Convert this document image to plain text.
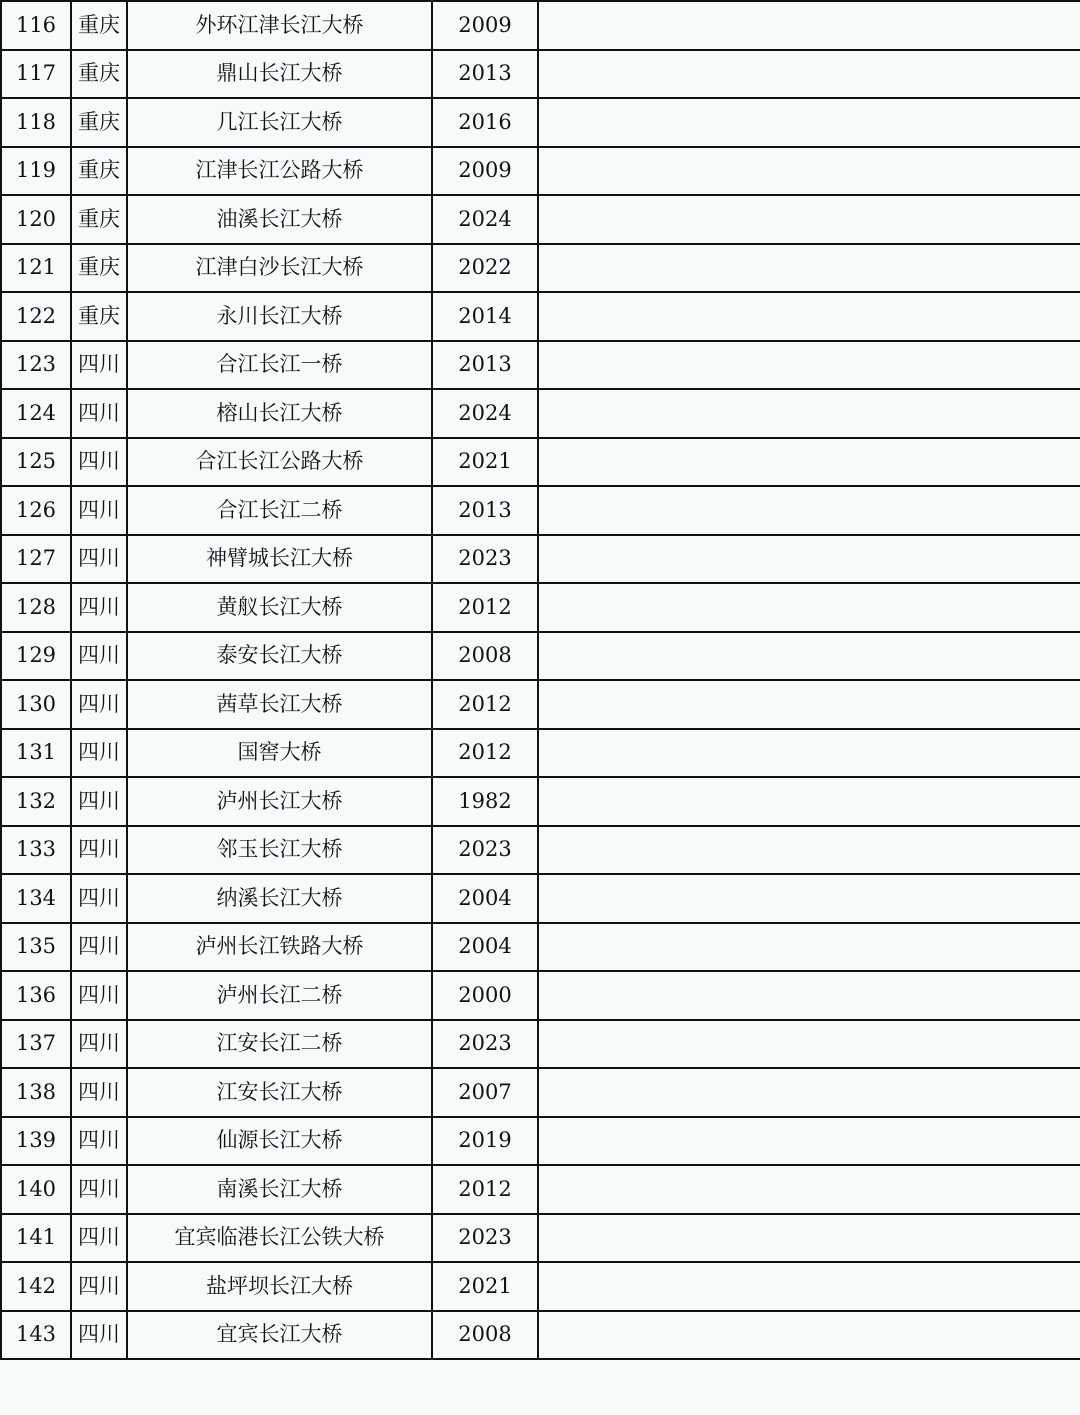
116	重庆	外环江津长江大桥	2009	
117	重庆	鼎山长江大桥	2013	
118	重庆	几江长江大桥	2016	
119	重庆	江津长江公路大桥	2009	
120	重庆	油溪长江大桥	2024	
121	重庆	江津白沙长江大桥	2022	
122	重庆	永川长江大桥	2014	
123	四川	合江长江一桥	2013	
124	四川	榕山长江大桥	2024	
125	四川	合江长江公路大桥	2021	
126	四川	合江长江二桥	2013	
127	四川	神臂城长江大桥	2023	
128	四川	黄舣长江大桥	2012	
129	四川	泰安长江大桥	2008	
130	四川	茜草长江大桥	2012	
131	四川	国窖大桥	2012	
132	四川	泸州长江大桥	1982	
133	四川	邻玉长江大桥	2023	
134	四川	纳溪长江大桥	2004	
135	四川	泸州长江铁路大桥	2004	
136	四川	泸州长江二桥	2000	
137	四川	江安长江二桥	2023	
138	四川	江安长江大桥	2007	
139	四川	仙源长江大桥	2019	
140	四川	南溪长江大桥	2012	
141	四川	宜宾临港长江公铁大桥	2023	
142	四川	盐坪坝长江大桥	2021	
143	四川	宜宾长江大桥	2008	
